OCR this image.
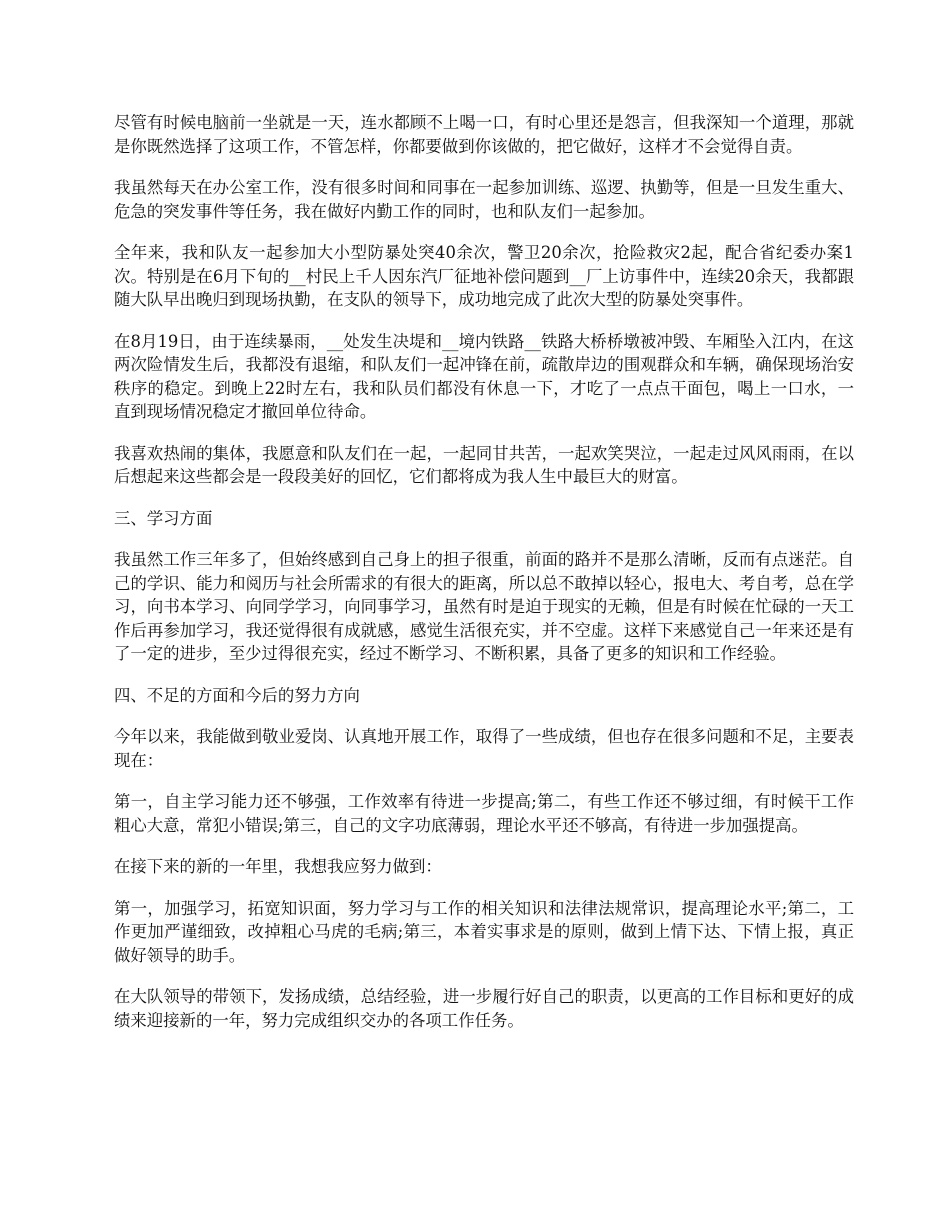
尽管有时候电脑前一坐就是一天，连水都顾不上喝一口，有时心里还是怨言，但我深知一个道理，那就是你既然选择了这项工作，不管怎样，你都要做到你该做的，把它做好，这样才不会觉得自责。

我虽然每天在办公室工作，没有很多时间和同事在一起参加训练、巡逻、执勤等，但是一旦发生重大、危急的突发事件等任务，我在做好内勤工作的同时，也和队友们一起参加。

全年来，我和队友一起参加大小型防暴处突40余次，警卫20余次，抢险救灾2起，配合省纪委办案1次。特别是在6月下旬的__村民上千人因东汽厂征地补偿问题到__厂上访事件中，连续20余天，我都跟随大队早出晚归到现场执勤，在支队的领导下，成功地完成了此次大型的防暴处突事件。

在8月19日，由于连续暴雨，__处发生决堤和__境内铁路__铁路大桥桥墩被冲毁、车厢坠入江内，在这两次险情发生后，我都没有退缩，和队友们一起冲锋在前，疏散岸边的围观群众和车辆，确保现场治安秩序的稳定。到晚上22时左右，我和队员们都没有休息一下，才吃了一点点干面包，喝上一口水，一直到现场情况稳定才撤回单位待命。

我喜欢热闹的集体，我愿意和队友们在一起，一起同甘共苦，一起欢笑哭泣，一起走过风风雨雨，在以后想起来这些都会是一段段美好的回忆，它们都将成为我人生中最巨大的财富。

三、学习方面

我虽然工作三年多了，但始终感到自己身上的担子很重，前面的路并不是那么清晰，反而有点迷茫。自己的学识、能力和阅历与社会所需求的有很大的距离，所以总不敢掉以轻心，报电大、考自考，总在学习，向书本学习、向同学学习，向同事学习，虽然有时是迫于现实的无赖，但是有时候在忙碌的一天工作后再参加学习，我还觉得很有成就感，感觉生活很充实，并不空虚。这样下来感觉自己一年来还是有了一定的进步，至少过得很充实，经过不断学习、不断积累，具备了更多的知识和工作经验。

四、不足的方面和今后的努力方向

今年以来，我能做到敬业爱岗、认真地开展工作，取得了一些成绩，但也存在很多问题和不足，主要表现在：

第一，自主学习能力还不够强，工作效率有待进一步提高;第二，有些工作还不够过细，有时候干工作粗心大意，常犯小错误;第三，自己的文字功底薄弱，理论水平还不够高，有待进一步加强提高。

在接下来的新的一年里，我想我应努力做到：

第一，加强学习，拓宽知识面，努力学习与工作的相关知识和法律法规常识，提高理论水平;第二，工作更加严谨细致，改掉粗心马虎的毛病;第三，本着实事求是的原则，做到上情下达、下情上报，真正做好领导的助手。

在大队领导的带领下，发扬成绩，总结经验，进一步履行好自己的职责，以更高的工作目标和更好的成绩来迎接新的一年，努力完成组织交办的各项工作任务。
